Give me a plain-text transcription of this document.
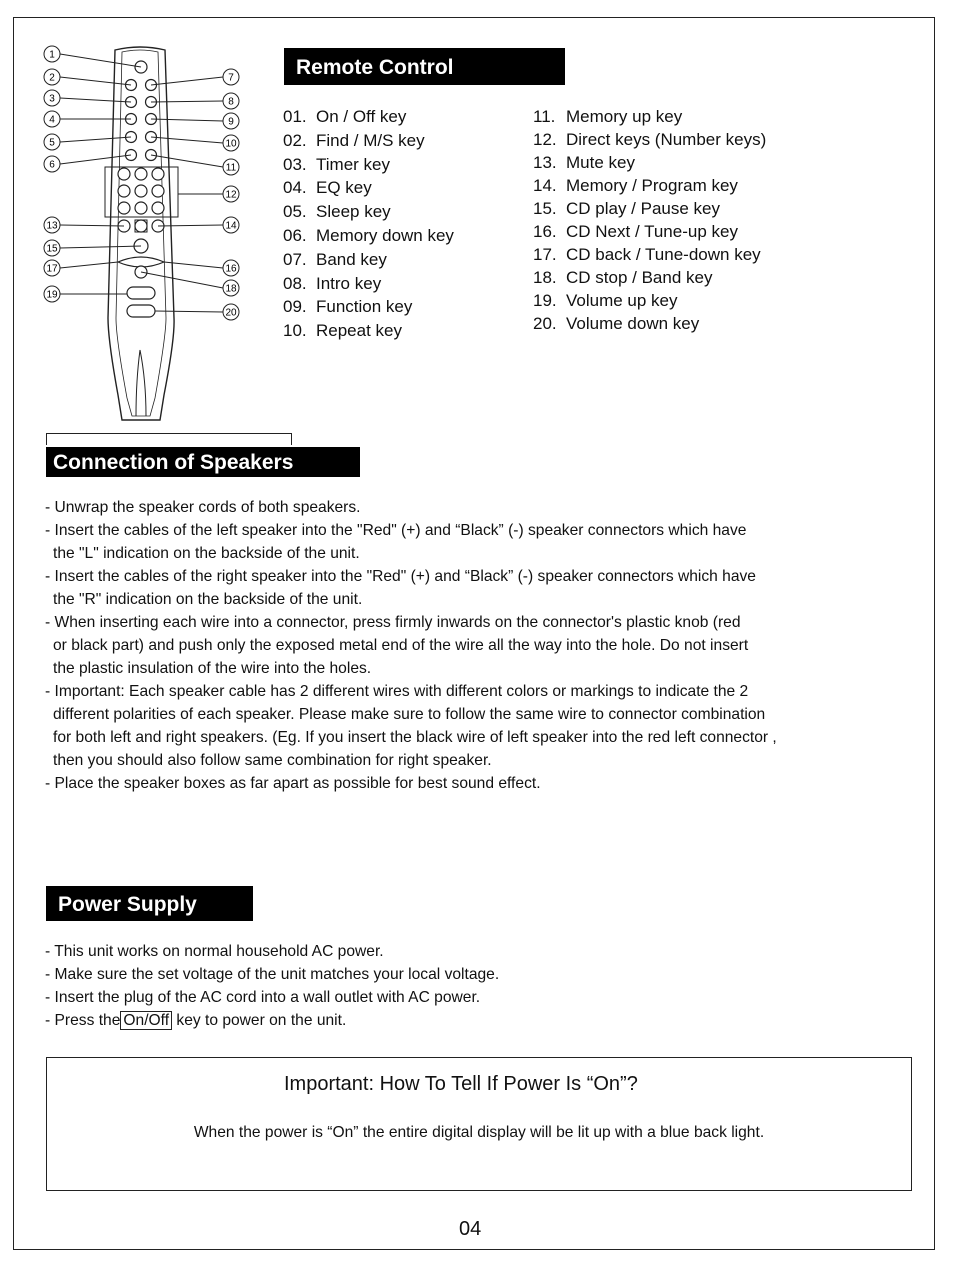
1
2
3
4
5
6
7
8
9
10
11
12
13	14
15
16
17
18
19
20
Remote Control
01. On / Off key
02. Find / M/S key
03. Timer key
04. EQ key
05. Sleep key
06. Memory down key
07. Band key
08. Intro key
09. Function key
10. Repeat key
11. Memory up key
12. Direct keys (Number keys)
13. Mute key
14. Memory / Program key
15. CD play / Pause key
16. CD Next / Tune-up key
17. CD back / Tune-down key
18. CD stop / Band key
19. Volume up key
20. Volume down key
Connection of Speakers
- Unwrap the speaker cords of both speakers.
- Insert the cables of the left speaker into the "Red" (+) and “Black” (-) speaker connectors which have
the "L" indication on the backside of the unit.
- Insert the cables of the right speaker into the "Red" (+) and “Black” (-) speaker connectors which have
the "R" indication on the backside of the unit.
- When inserting each wire into a connector, press firmly inwards on the connector's plastic knob (red
or black part) and push only the exposed metal end of the wire all the way into the hole. Do not insert
the plastic insulation of the wire into the holes.
- Important: Each speaker cable has 2 different wires with different colors or markings to indicate the 2
different polarities of each speaker. Please make sure to follow the same wire to connector combination
for both left and right speakers. (Eg. If you insert the black wire of left speaker into the red left connector ,
then you should also follow same combination for right speaker.
- Place the speaker boxes as far apart as possible for best sound effect.
Power Supply
- This unit works on normal household AC power.
- Make sure the set voltage of the unit matches your local voltage.
- Insert the plug of the AC cord into a wall outlet with AC power.
- Press the On/Off key to power on the unit.
Important: How To Tell If Power Is “On”?
When the power is “On” the entire digital display will be lit up with a blue back light.
04
